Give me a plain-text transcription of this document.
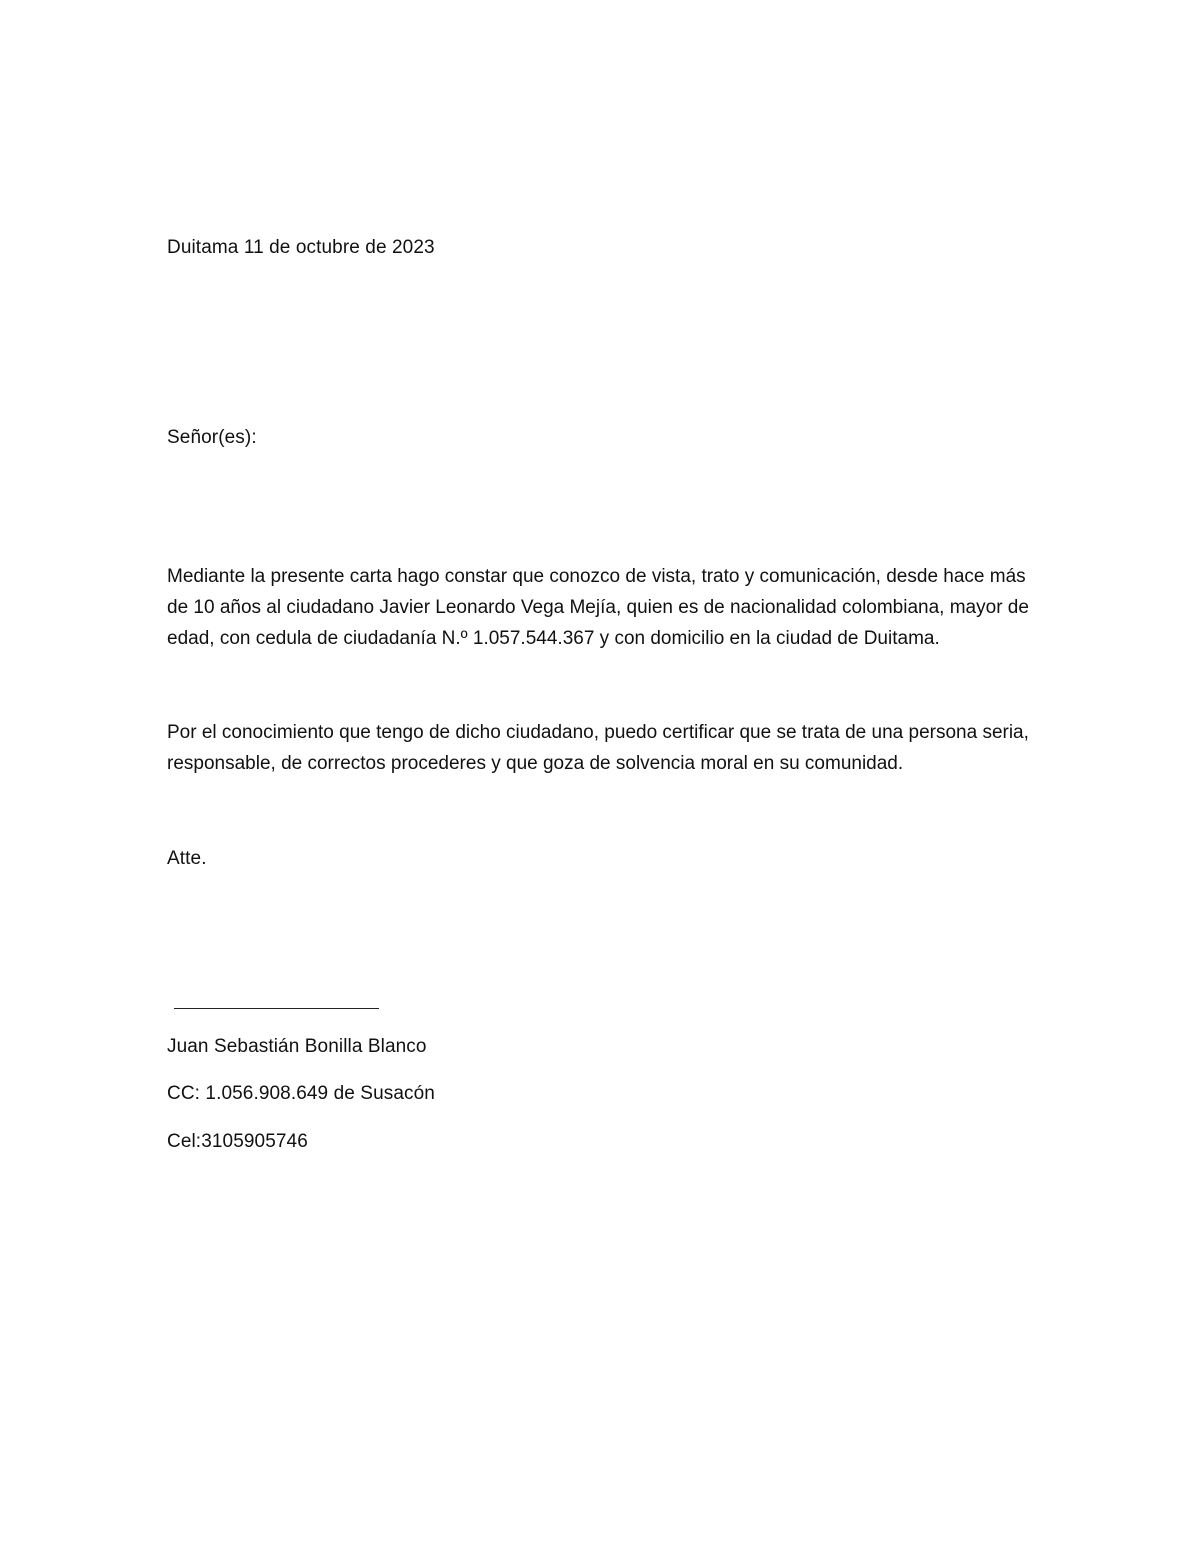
Duitama 11 de octubre de 2023
Señor(es):
Mediante la presente carta hago constar que conozco de vista, trato y comunicación, desde hace más
de 10 años al ciudadano Javier Leonardo Vega Mejía, quien es de nacionalidad colombiana, mayor de
edad, con cedula de ciudadanía N.º 1.057.544.367 y con domicilio en la ciudad de Duitama.
Por el conocimiento que tengo de dicho ciudadano, puedo certificar que se trata de una persona seria,
responsable, de correctos procederes y que goza de solvencia moral en su comunidad.
Atte.
Juan Sebastián Bonilla Blanco
CC: 1.056.908.649 de Susacón
Cel:3105905746
